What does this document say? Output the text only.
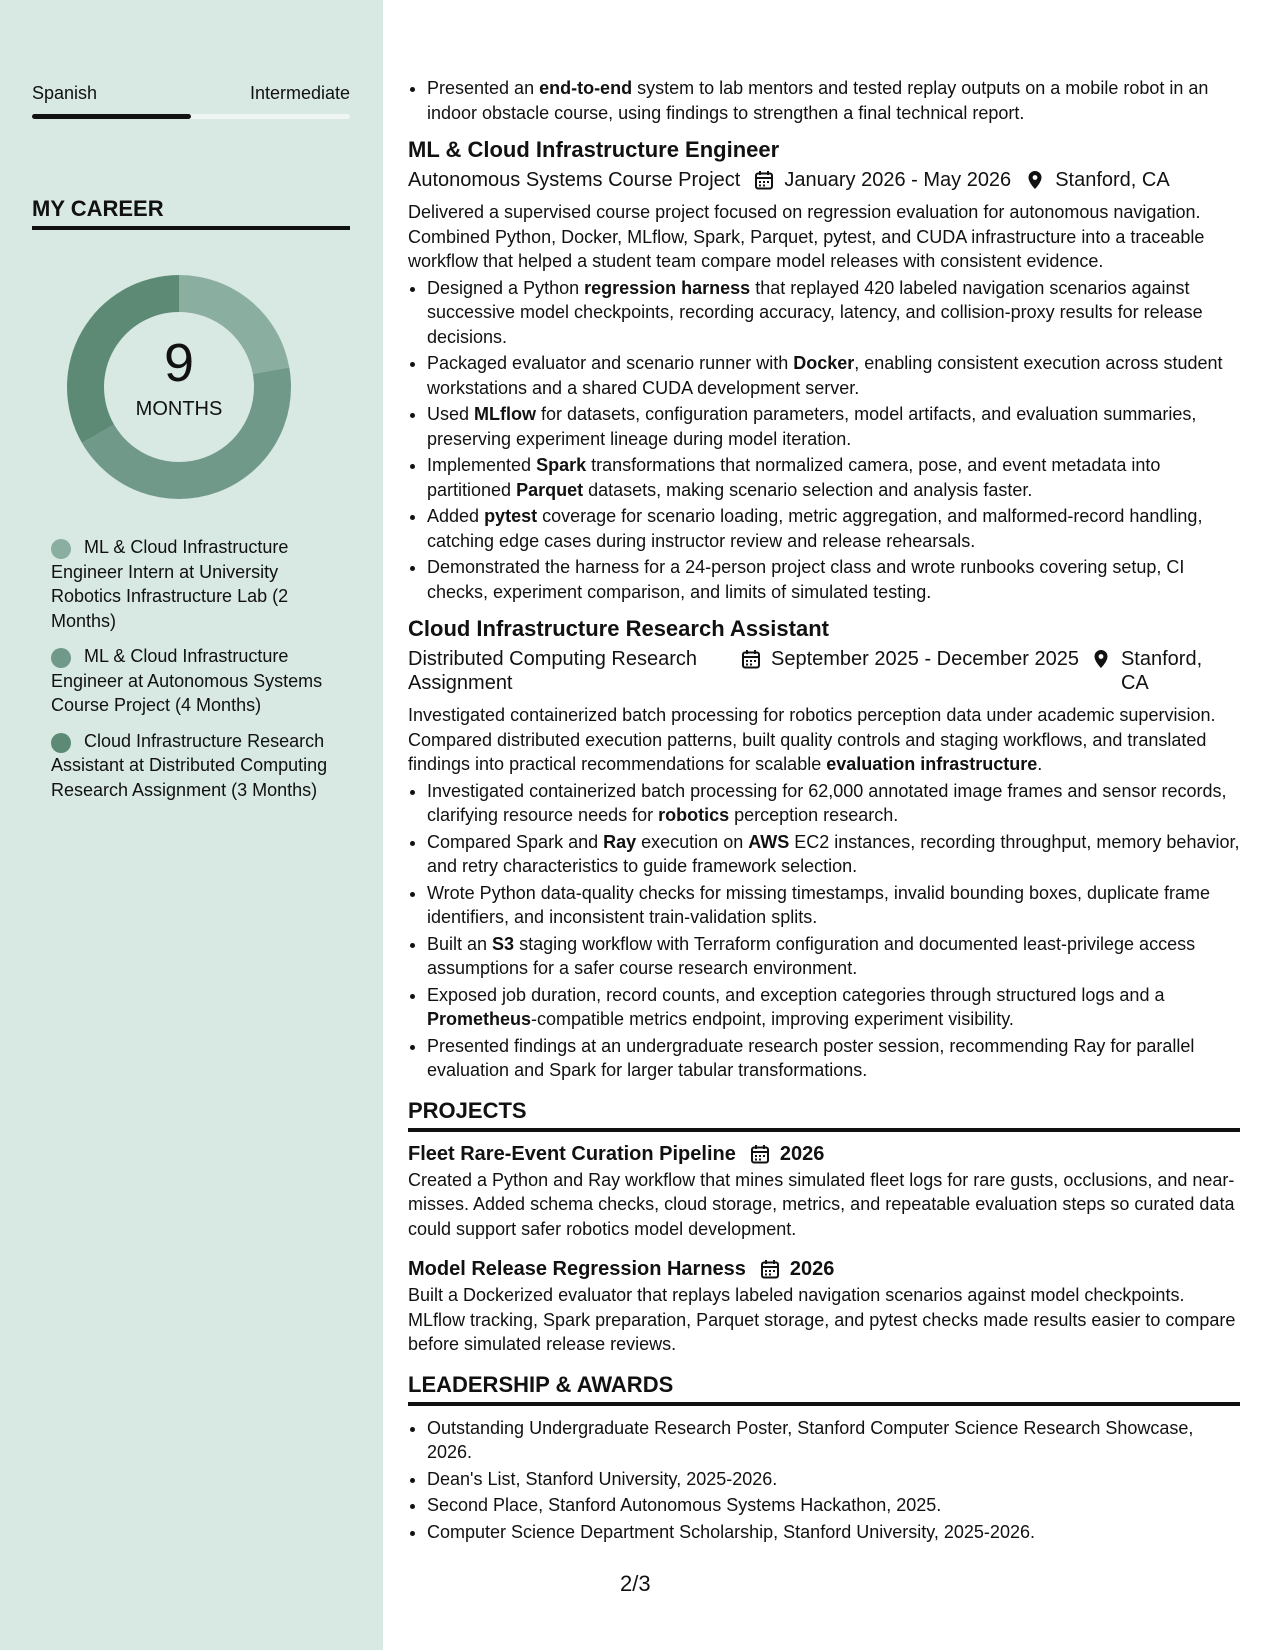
Spanish	Intermediate
MY CAREER
9
MONTHS
ML & Cloud Infrastructure Engineer Intern at University Robotics Infrastructure Lab (2 Months)
ML & Cloud Infrastructure Engineer at Autonomous Systems Course Project (4 Months)
Cloud Infrastructure Research Assistant at Distributed Computing Research Assignment (3 Months)
• Presented an end-to-end system to lab mentors and tested replay outputs on a mobile robot in an indoor obstacle course, using findings to strengthen a final technical report.
ML & Cloud Infrastructure Engineer
Autonomous Systems Course Project January 2026 - May 2026 Stanford, CA
Delivered a supervised course project focused on regression evaluation for autonomous navigation. Combined Python, Docker, MLflow, Spark, Parquet, pytest, and CUDA infrastructure into a traceable workflow that helped a student team compare model releases with consistent evidence.
• Designed a Python regression harness that replayed 420 labeled navigation scenarios against successive model checkpoints, recording accuracy, latency, and collision-proxy results for release decisions.
• Packaged evaluator and scenario runner with Docker, enabling consistent execution across student workstations and a shared CUDA development server.
• Used MLflow for datasets, configuration parameters, model artifacts, and evaluation summaries, preserving experiment lineage during model iteration.
• Implemented Spark transformations that normalized camera, pose, and event metadata into partitioned Parquet datasets, making scenario selection and analysis faster.
• Added pytest coverage for scenario loading, metric aggregation, and malformed-record handling, catching edge cases during instructor review and release rehearsals.
• Demonstrated the harness for a 24-person project class and wrote runbooks covering setup, CI checks, experiment comparison, and limits of simulated testing.
Cloud Infrastructure Research Assistant
Distributed Computing Research Assignment
September 2025 - December 2025 Stanford, CA
Investigated containerized batch processing for robotics perception data under academic supervision. Compared distributed execution patterns, built quality controls and staging workflows, and translated findings into practical recommendations for scalable evaluation infrastructure.
• Investigated containerized batch processing for 62,000 annotated image frames and sensor records, clarifying resource needs for robotics perception research.
• Compared Spark and Ray execution on AWS EC2 instances, recording throughput, memory behavior, and retry characteristics to guide framework selection.
• Wrote Python data-quality checks for missing timestamps, invalid bounding boxes, duplicate frame identifiers, and inconsistent train-validation splits.
• Built an S3 staging workflow with Terraform configuration and documented least-privilege access assumptions for a safer course research environment.
• Exposed job duration, record counts, and exception categories through structured logs and a Prometheus-compatible metrics endpoint, improving experiment visibility.
• Presented findings at an undergraduate research poster session, recommending Ray for parallel evaluation and Spark for larger tabular transformations.
PROJECTS
Fleet Rare-Event Curation Pipeline 2026
Created a Python and Ray workflow that mines simulated fleet logs for rare gusts, occlusions, and near-misses. Added schema checks, cloud storage, metrics, and repeatable evaluation steps so curated data could support safer robotics model development.
Model Release Regression Harness 2026
Built a Dockerized evaluator that replays labeled navigation scenarios against model checkpoints. MLflow tracking, Spark preparation, Parquet storage, and pytest checks made results easier to compare before simulated release reviews.
LEADERSHIP & AWARDS
• Outstanding Undergraduate Research Poster, Stanford Computer Science Research Showcase, 2026.
• Dean's List, Stanford University, 2025-2026.
• Second Place, Stanford Autonomous Systems Hackathon, 2025.
• Computer Science Department Scholarship, Stanford University, 2025-2026.
2/3
